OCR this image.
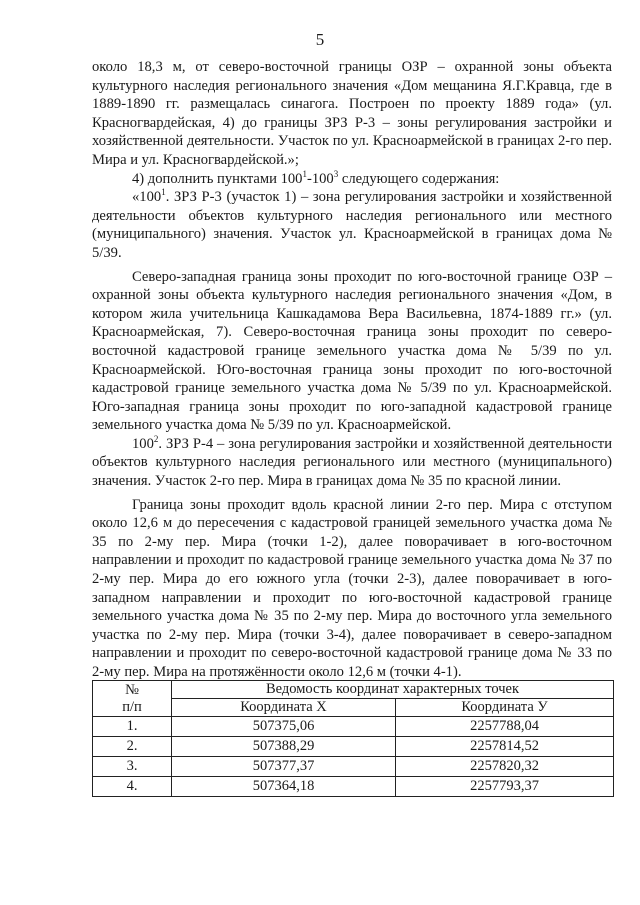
5

около 18,3 м, от северо-восточной границы ОЗР – охранной зоны объекта культурного наследия регионального значения «Дом мещанина Я.Г.Кравца, где в 1889-1890 гг. размещалась синагога. Построен по проекту 1889 года» (ул. Красногвардейская, 4) до границы ЗРЗ Р-3 – зоны регулирования застройки и хозяйственной деятельности. Участок по ул. Красноармейской в границах 2-го пер. Мира и ул. Красногвардейской.»;

4) дополнить пунктами $100^1-100^3$ следующего содержания:

«$100^1$. ЗРЗ Р-3 (участок 1) – зона регулирования застройки и хозяйственной деятельности объектов культурного наследия регионального или местного (муниципального) значения. Участок ул. Красноармейской в границах дома № 5/39.

Северо-западная граница зоны проходит по юго-восточной границе ОЗР – охранной зоны объекта культурного наследия регионального значения «Дом, в котором жила учительница Кашкадамова Вера Васильевна, 1874-1889 гг.» (ул. Красноармейская, 7). Северо-восточная граница зоны проходит по северо-восточной кадастровой границе земельного участка дома № 5/39 по ул. Красноармейской. Юго-восточная граница зоны проходит по юго-восточной кадастровой границе земельного участка дома № 5/39 по ул. Красноармейской. Юго-западная граница зоны проходит по юго-западной кадастровой границе земельного участка дома № 5/39 по ул. Красноармейской.

$100^2$. ЗРЗ Р-4 – зона регулирования застройки и хозяйственной деятельности объектов культурного наследия регионального или местного (муниципального) значения. Участок 2-го пер. Мира в границах дома № 35 по красной линии.

Граница зоны проходит вдоль красной линии 2-го пер. Мира с отступом около 12,6 м до пересечения с кадастровой границей земельного участка дома № 35 по 2-му пер. Мира (точки 1-2), далее поворачивает в юго-восточном направлении и проходит по кадастровой границе земельного участка дома № 37 по 2-му пер. Мира до его южного угла (точки 2-3), далее поворачивает в юго-западном направлении и проходит по юго-восточной кадастровой границе земельного участка дома № 35 по 2-му пер. Мира до восточного угла земельного участка по 2-му пер. Мира (точки 3-4), далее поворачивает в северо-западном направлении и проходит по северо-восточной кадастровой границе дома № 33 по 2-му пер. Мира на протяжённости около 12,6 м (точки 4-1).

№
п/п	Ведомость координат характерных точек	
	Координата X	Координата У
1.	507375,06	2257788,04
2.	507388,29	2257814,52
3.	507377,37	2257820,32
4.	507364,18	2257793,37
